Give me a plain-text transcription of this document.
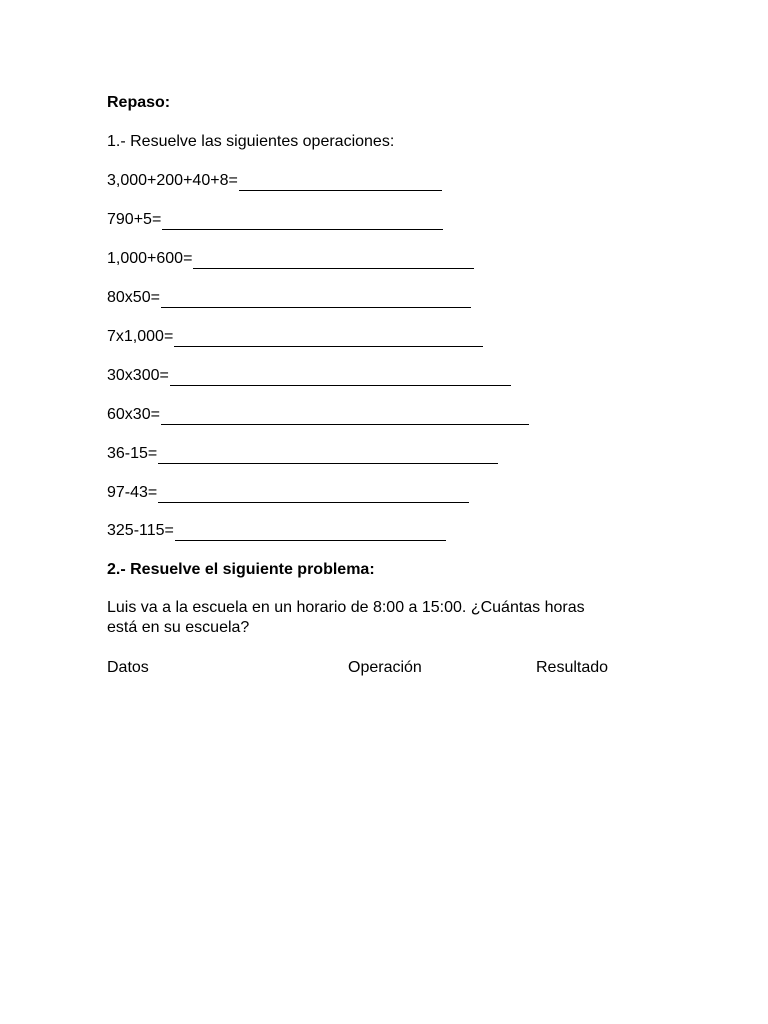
Repaso:
1.- Resuelve las siguientes operaciones:
3,000+200+40+8=
790+5=
1,000+600=
80x50=
7x1,000=
30x300=
60x30=
36-15=
97-43=
325-115=
2.- Resuelve el siguiente problema:
Luis va a la escuela en un horario de 8:00 a 15:00. ¿Cuántas horas
está en su escuela?
Datos	Operación	Resultado
